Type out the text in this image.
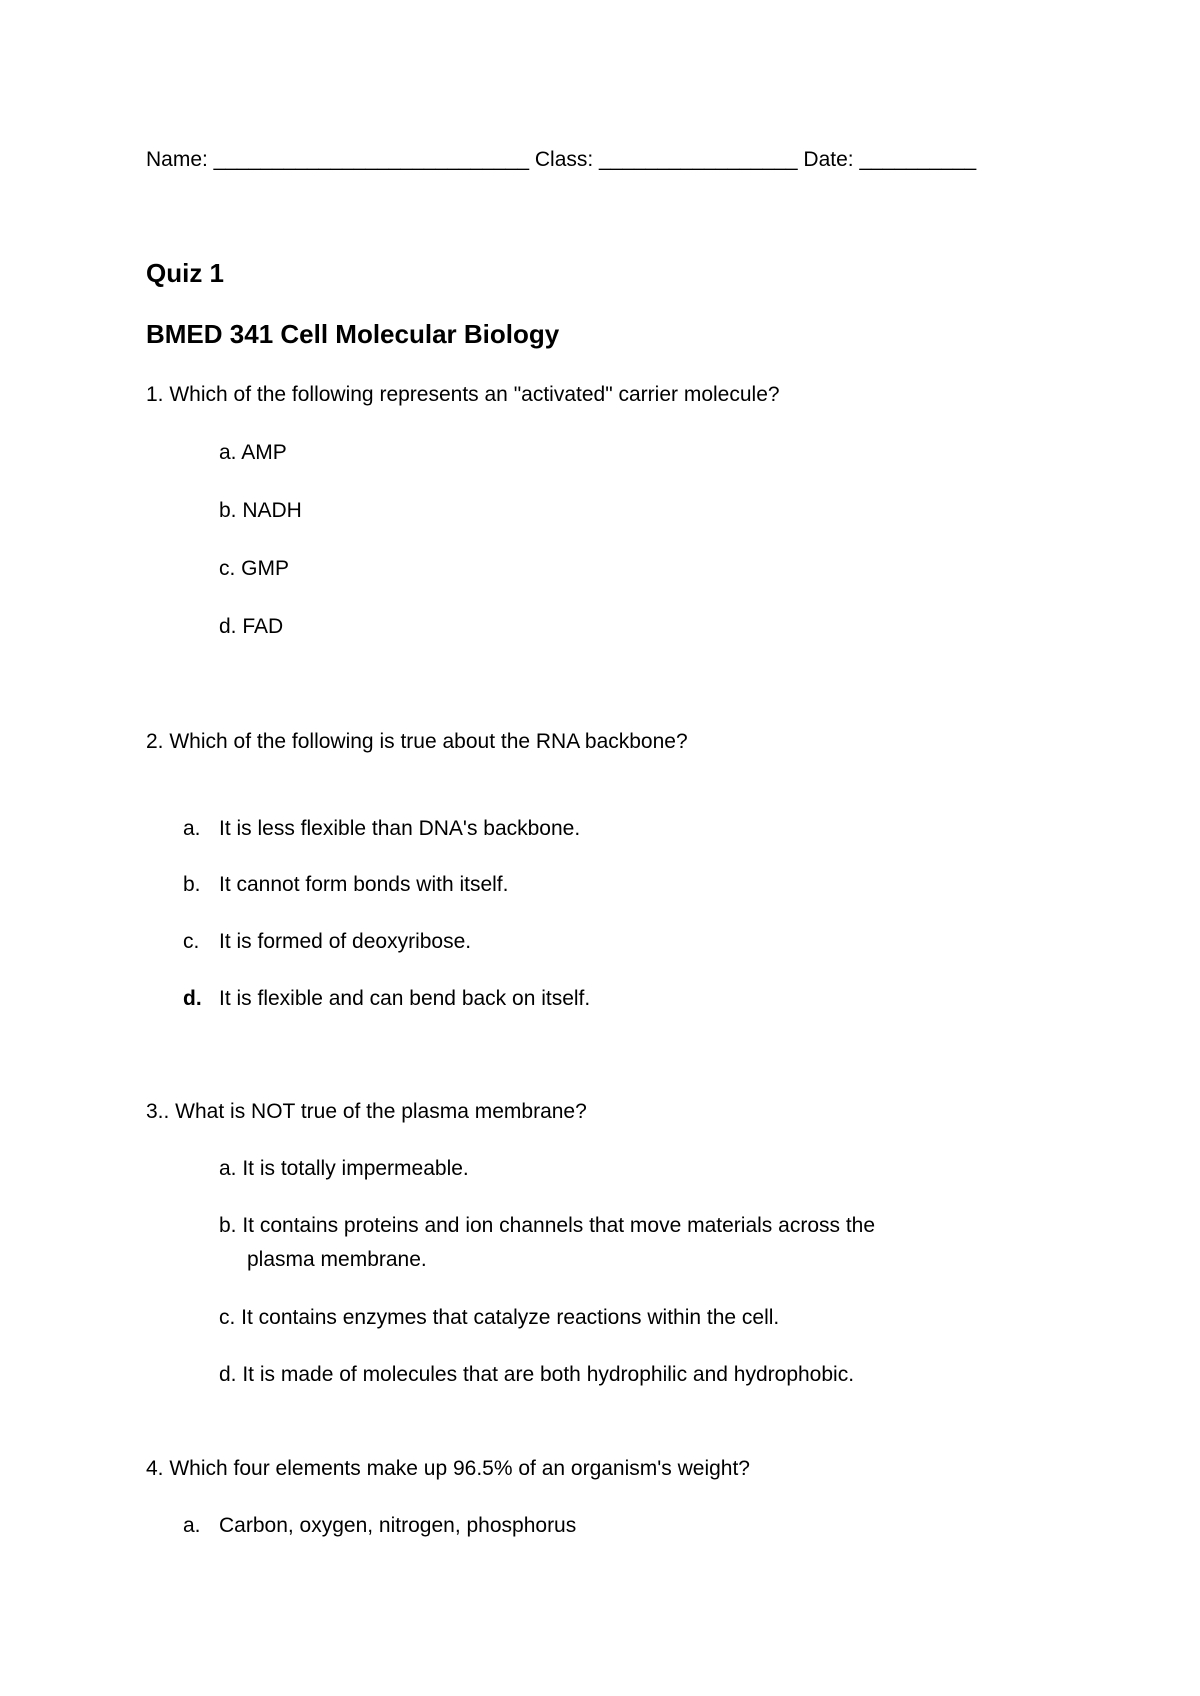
Name: ___________________________ Class: _________________ Date: __________
Quiz 1
BMED 341 Cell Molecular Biology
1. Which of the following represents an "activated" carrier molecule?
a. AMP
b. NADH
c. GMP
d. FAD
2. Which of the following is true about the RNA backbone?
a. It is less flexible than DNA's backbone.
b. It cannot form bonds with itself.
c. It is formed of deoxyribose.
d. It is flexible and can bend back on itself.
3.. What is NOT true of the plasma membrane?
a. It is totally impermeable.
b. It contains proteins and ion channels that move materials across the
plasma membrane.
c. It contains enzymes that catalyze reactions within the cell.
d. It is made of molecules that are both hydrophilic and hydrophobic.
4. Which four elements make up 96.5% of an organism's weight?
a. Carbon, oxygen, nitrogen, phosphorus
